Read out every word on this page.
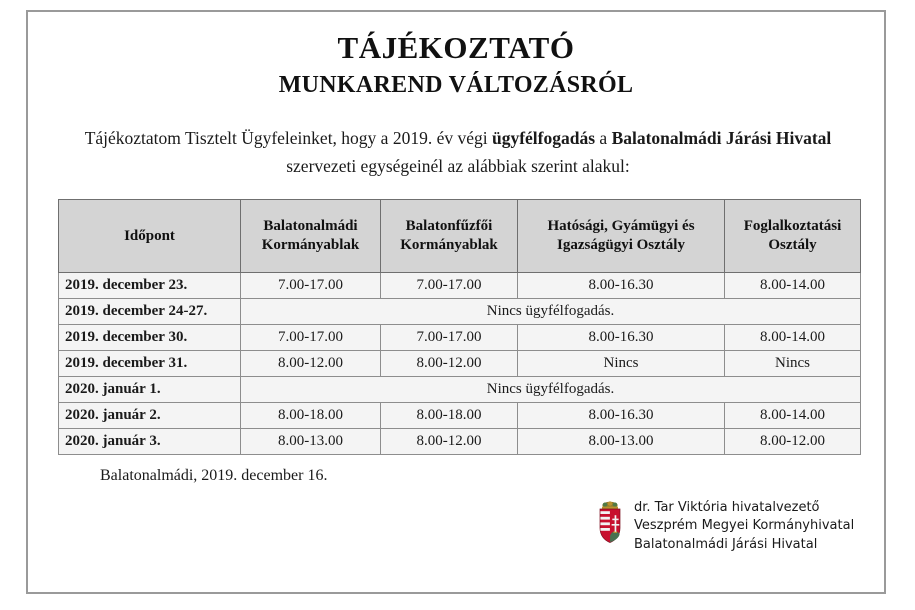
TÁJÉKOZTATÓ
MUNKAREND VÁLTOZÁSRÓL
Tájékoztatom Tisztelt Ügyfeleinket, hogy a 2019. év végi ügyfélfogadás a Balatonalmádi Járási Hivatal szervezeti egységeinél az alábbiak szerint alakul:
Időpont	Balatonalmádi Kormányablak	Balatonfűzfői Kormányablak	Hatósági, Gyámügyi és Igazságügyi Osztály	Foglalkoztatási Osztály
2019. december 23.	7.00-17.00	7.00-17.00	8.00-16.30	8.00-14.00
2019. december 24-27.	Nincs ügyfélfogadás.			
2019. december 30.	7.00-17.00	7.00-17.00	8.00-16.30	8.00-14.00
2019. december 31.	8.00-12.00	8.00-12.00	Nincs	Nincs
2020. január 1.	Nincs ügyfélfogadás.			
2020. január 2.	8.00-18.00	8.00-18.00	8.00-16.30	8.00-14.00
2020. január 3.	8.00-13.00	8.00-12.00	8.00-13.00	8.00-12.00
Balatonalmádi, 2019. december 16.
dr. Tar Viktória hivatalvezető
Veszprém Megyei Kormányhivatal
Balatonalmádi Járási Hivatal
